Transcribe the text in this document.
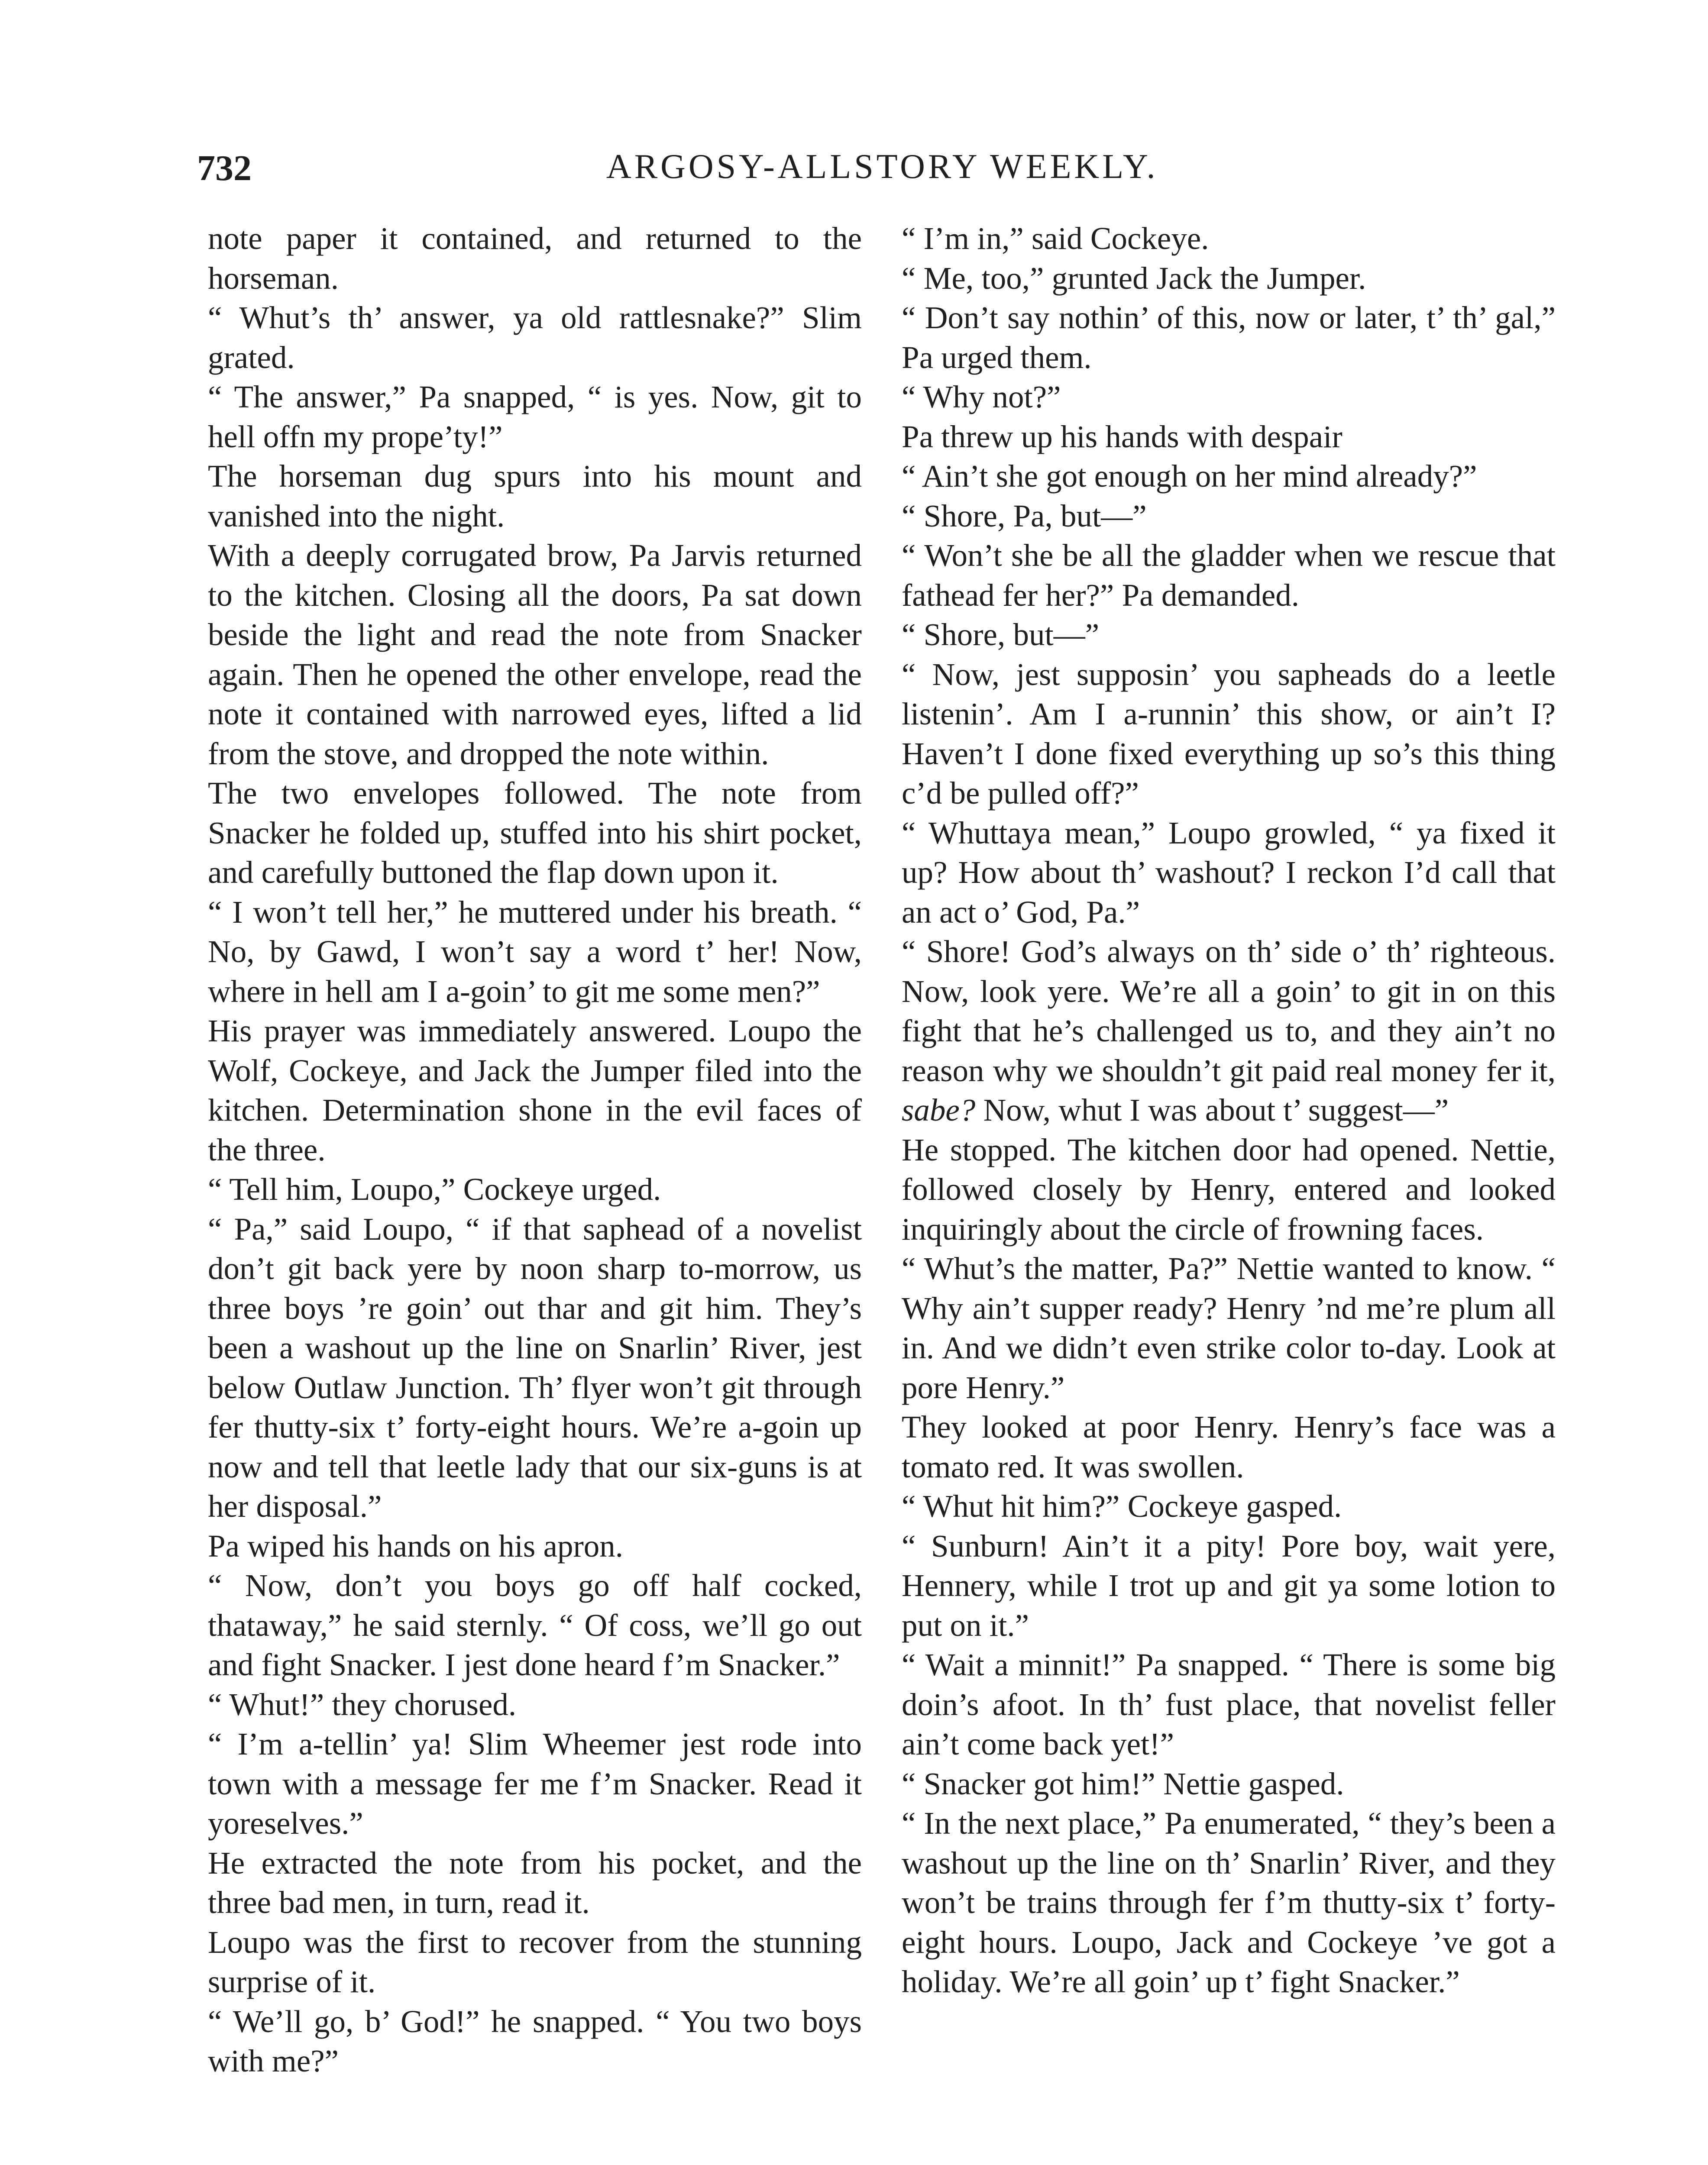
732	ARGOSY-ALLSTORY WEEKLY.

note paper it contained, and returned to the horseman.

“ Whut’s th’ answer, ya old rattlesnake?” Slim grated.

“ The answer,” Pa snapped, “ is yes. Now, git to hell offn my prope’ty!”

The horseman dug spurs into his mount and vanished into the night.

With a deeply corrugated brow, Pa Jarvis returned to the kitchen. Closing all the doors, Pa sat down beside the light and read the note from Snacker again. Then he opened the other envelope, read the note it contained with narrowed eyes, lifted a lid from the stove, and dropped the note within.

The two envelopes followed. The note from Snacker he folded up, stuffed into his shirt pocket, and carefully buttoned the flap down upon it.

“ I won’t tell her,” he muttered under his breath. “ No, by Gawd, I won’t say a word t’ her! Now, where in hell am I a-goin’ to git me some men?”

His prayer was immediately answered. Loupo the Wolf, Cockeye, and Jack the Jumper filed into the kitchen. Determination shone in the evil faces of the three.

“ Tell him, Loupo,” Cockeye urged.

“ Pa,” said Loupo, “ if that saphead of a novelist don’t git back yere by noon sharp to-morrow, us three boys ’re goin’ out thar and git him. They’s been a washout up the line on Snarlin’ River, jest below Outlaw Junction. Th’ flyer won’t git through fer thutty-six t’ forty-eight hours. We’re a-goin up now and tell that leetle lady that our six-guns is at her disposal.”

Pa wiped his hands on his apron.

“ Now, don’t you boys go off half cocked, thataway,” he said sternly. “ Of coss, we’ll go out and fight Snacker. I jest done heard f’m Snacker.”

“ Whut!” they chorused.

“ I’m a-tellin’ ya! Slim Wheemer jest rode into town with a message fer me f’m Snacker. Read it yoreselves.”

He extracted the note from his pocket, and the three bad men, in turn, read it.

Loupo was the first to recover from the stunning surprise of it.

“ We’ll go, b’ God!” he snapped. “ You two boys with me?”

“ I’m in,” said Cockeye.

“ Me, too,” grunted Jack the Jumper.

“ Don’t say nothin’ of this, now or later, t’ th’ gal,” Pa urged them.

“ Why not?”

Pa threw up his hands with despair

“ Ain’t she got enough on her mind already?”

“ Shore, Pa, but—”

“ Won’t she be all the gladder when we rescue that fathead fer her?” Pa demanded.

“ Shore, but—”

“ Now, jest supposin’ you sapheads do a leetle listenin’. Am I a-runnin’ this show, or ain’t I? Haven’t I done fixed everything up so’s this thing c’d be pulled off?”

“ Whuttaya mean,” Loupo growled, “ ya fixed it up? How about th’ washout? I reckon I’d call that an act o’ God, Pa.”

“ Shore! God’s always on th’ side o’ th’ righteous. Now, look yere. We’re all a goin’ to git in on this fight that he’s challenged us to, and they ain’t no reason why we shouldn’t git paid real money fer it, sabe? Now, whut I was about t’ suggest—”

He stopped. The kitchen door had opened. Nettie, followed closely by Henry, entered and looked inquiringly about the circle of frowning faces.

“ Whut’s the matter, Pa?” Nettie wanted to know. “ Why ain’t supper ready? Henry ’nd me’re plum all in. And we didn’t even strike color to-day. Look at pore Henry.”

They looked at poor Henry. Henry’s face was a tomato red. It was swollen.

“ Whut hit him?” Cockeye gasped.

“ Sunburn! Ain’t it a pity! Pore boy, wait yere, Hennery, while I trot up and git ya some lotion to put on it.”

“ Wait a minnit!” Pa snapped. “ There is some big doin’s afoot. In th’ fust place, that novelist feller ain’t come back yet!”

“ Snacker got him!” Nettie gasped.

“ In the next place,” Pa enumerated, “ they’s been a washout up the line on th’ Snarlin’ River, and they won’t be trains through fer f’m thutty-six t’ forty-eight hours. Loupo, Jack and Cockeye ’ve got a holiday. We’re all goin’ up t’ fight Snacker.”
